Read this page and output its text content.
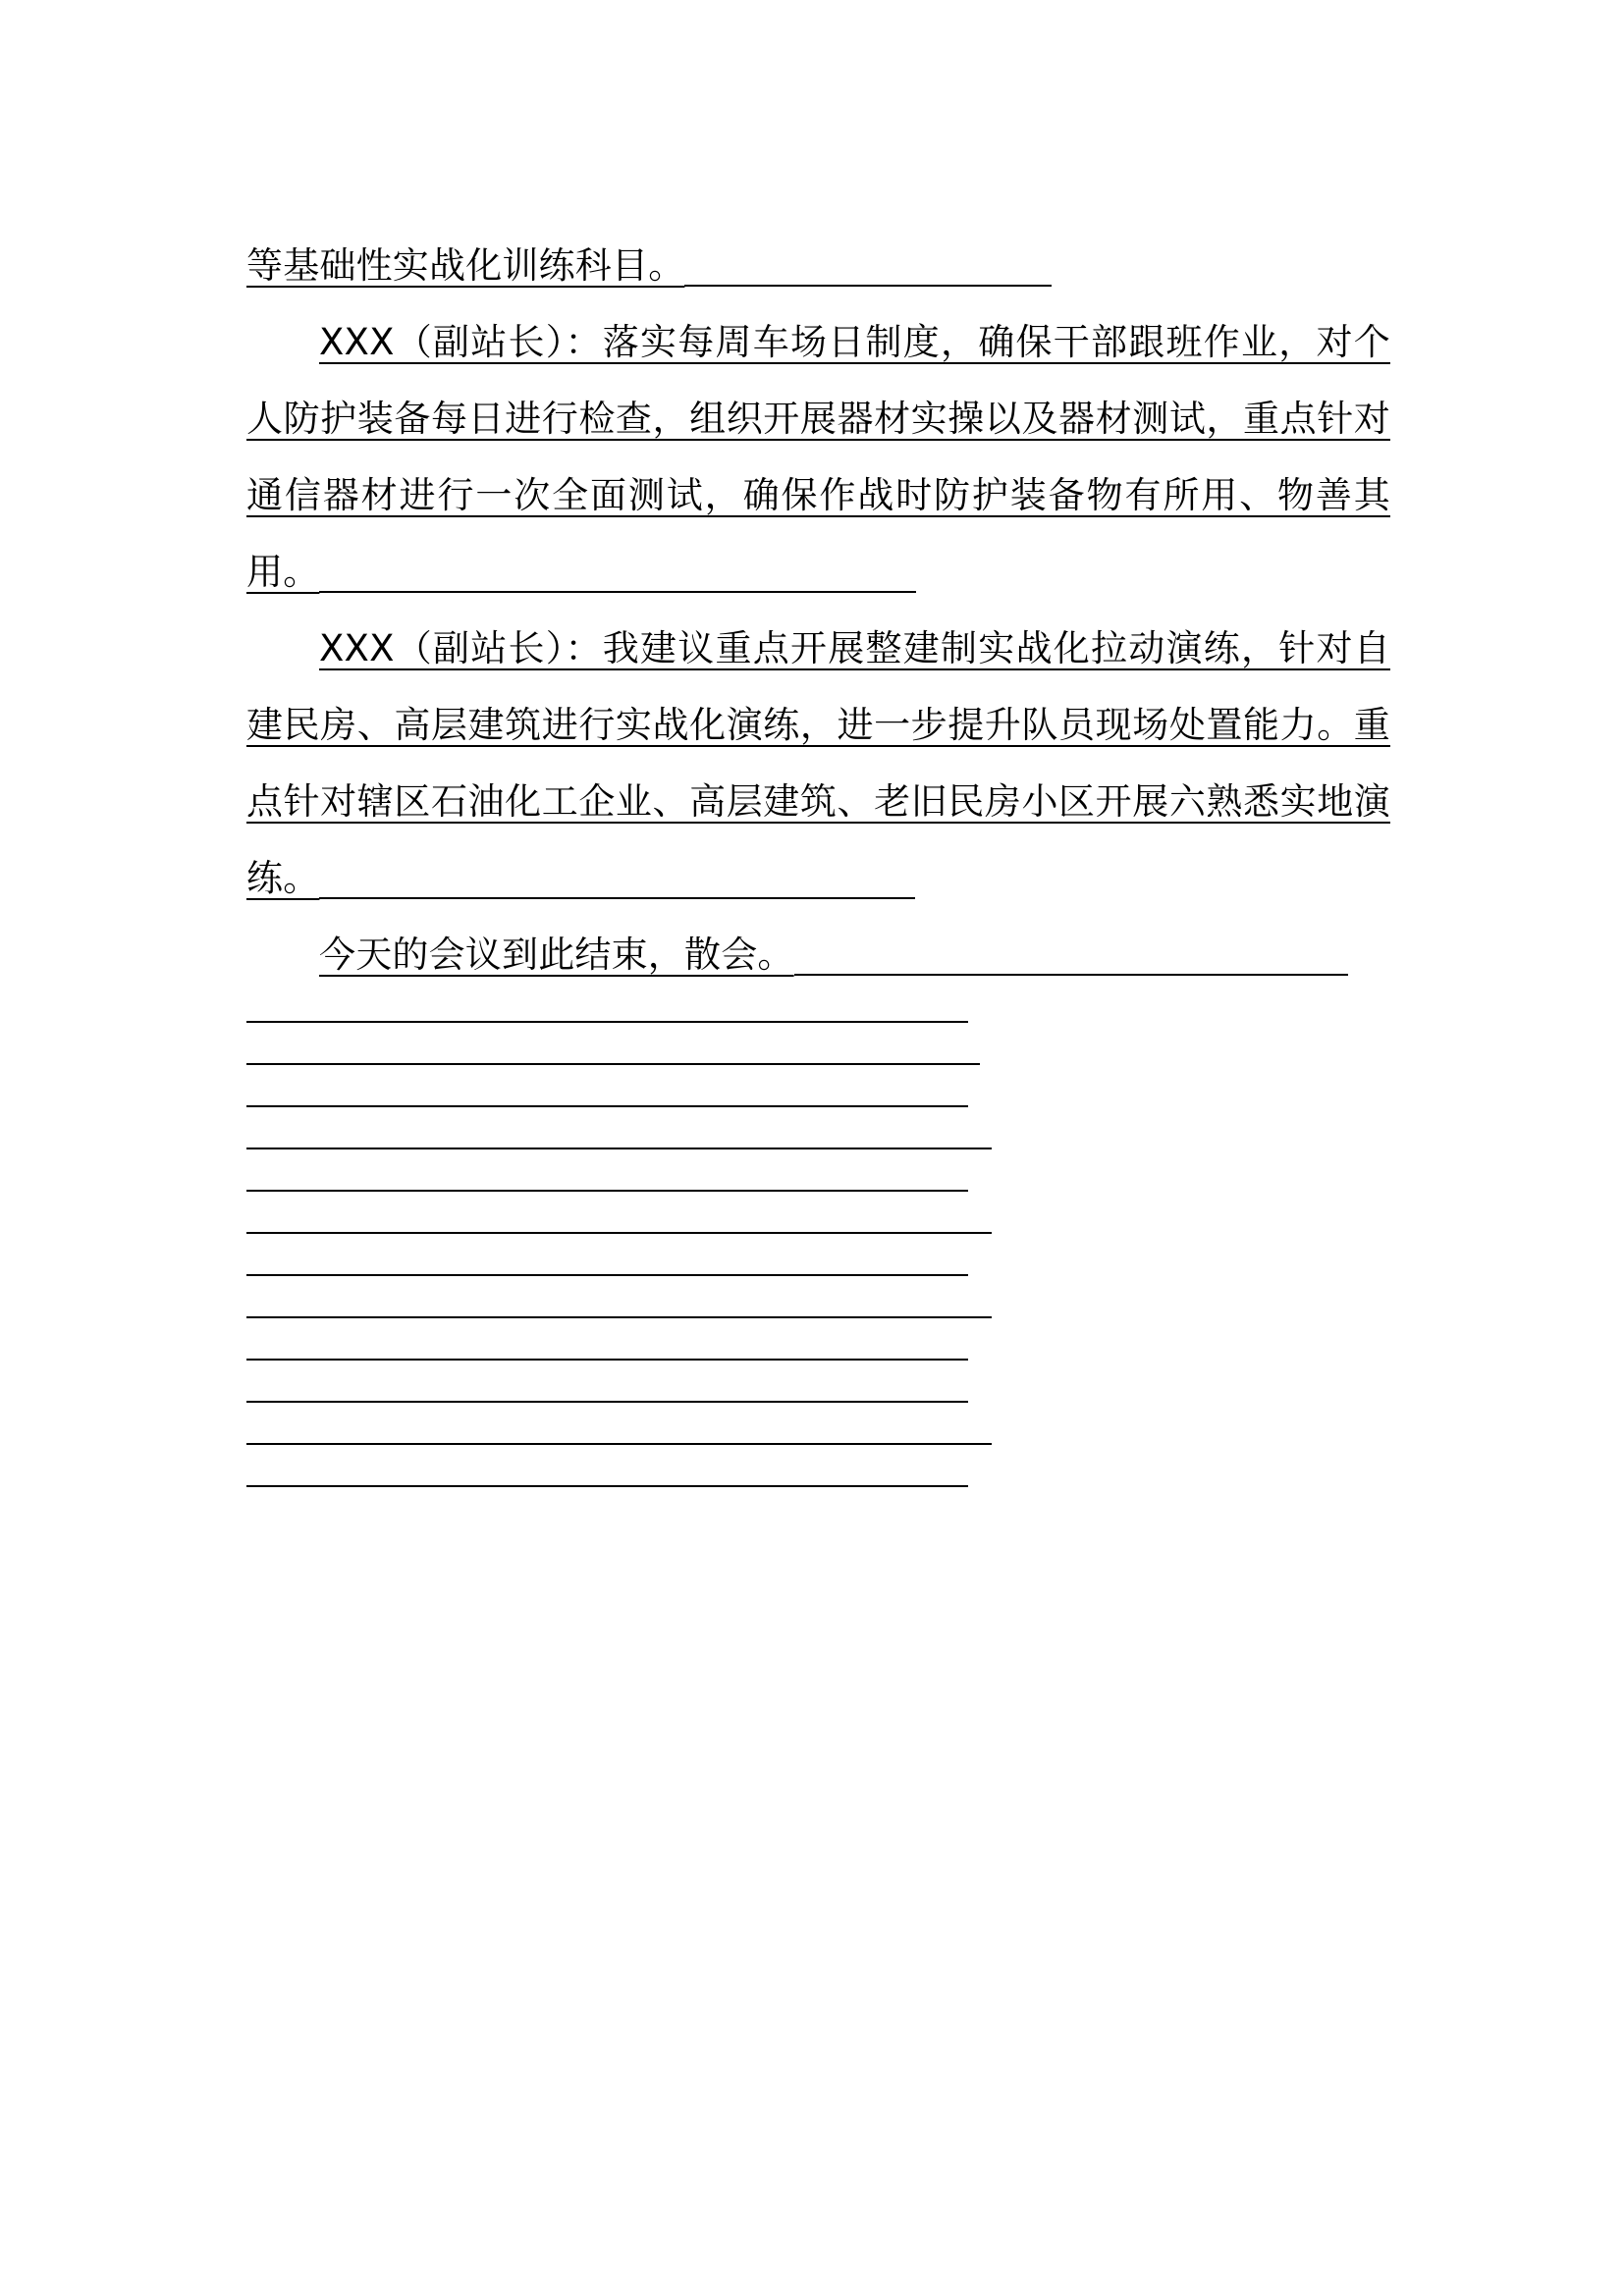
等基础性实战化训练科目。

XXX（副站长）：落实每周车场日制度，确保干部跟班作业，对个人防护装备每日进行检查，组织开展器材实操以及器材测试，重点针对通信器材进行一次全面测试，确保作战时防护装备物有所用、物善其用。

XXX（副站长）：我建议重点开展整建制实战化拉动演练，针对自建民房、高层建筑进行实战化演练，进一步提升队员现场处置能力。重点针对辖区石油化工企业、高层建筑、老旧民房小区开展六熟悉实地演练。

今天的会议到此结束，散会。
